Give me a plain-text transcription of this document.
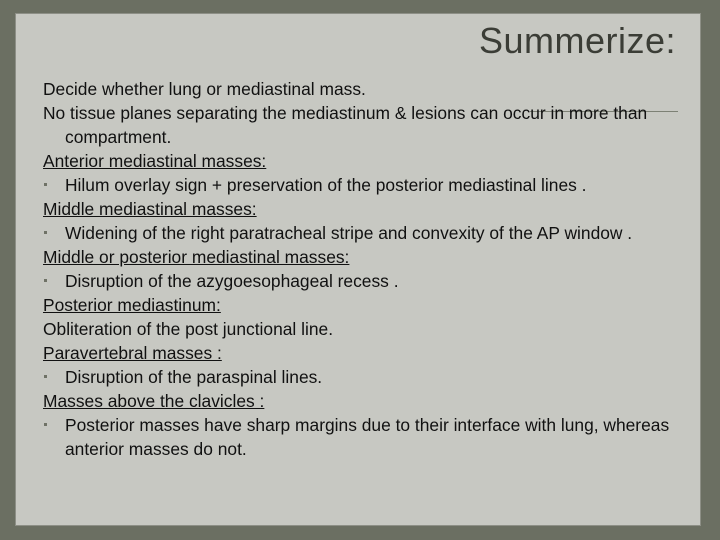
Summerize:
Decide whether lung or mediastinal mass.
No tissue planes separating the mediastinum & lesions can occur in more than compartment.
Anterior mediastinal masses:
Hilum overlay sign + preservation of the posterior mediastinal lines .
Middle mediastinal masses:
Widening of the right paratracheal stripe and convexity of the AP window .
Middle or posterior mediastinal masses:
Disruption of the azygoesophageal recess .
Posterior mediastinum:
Obliteration of the post junctional line.
Paravertebral masses :
Disruption of the paraspinal lines.
Masses above the clavicles :
Posterior masses have sharp margins due to their interface with lung, whereas anterior masses do not.
